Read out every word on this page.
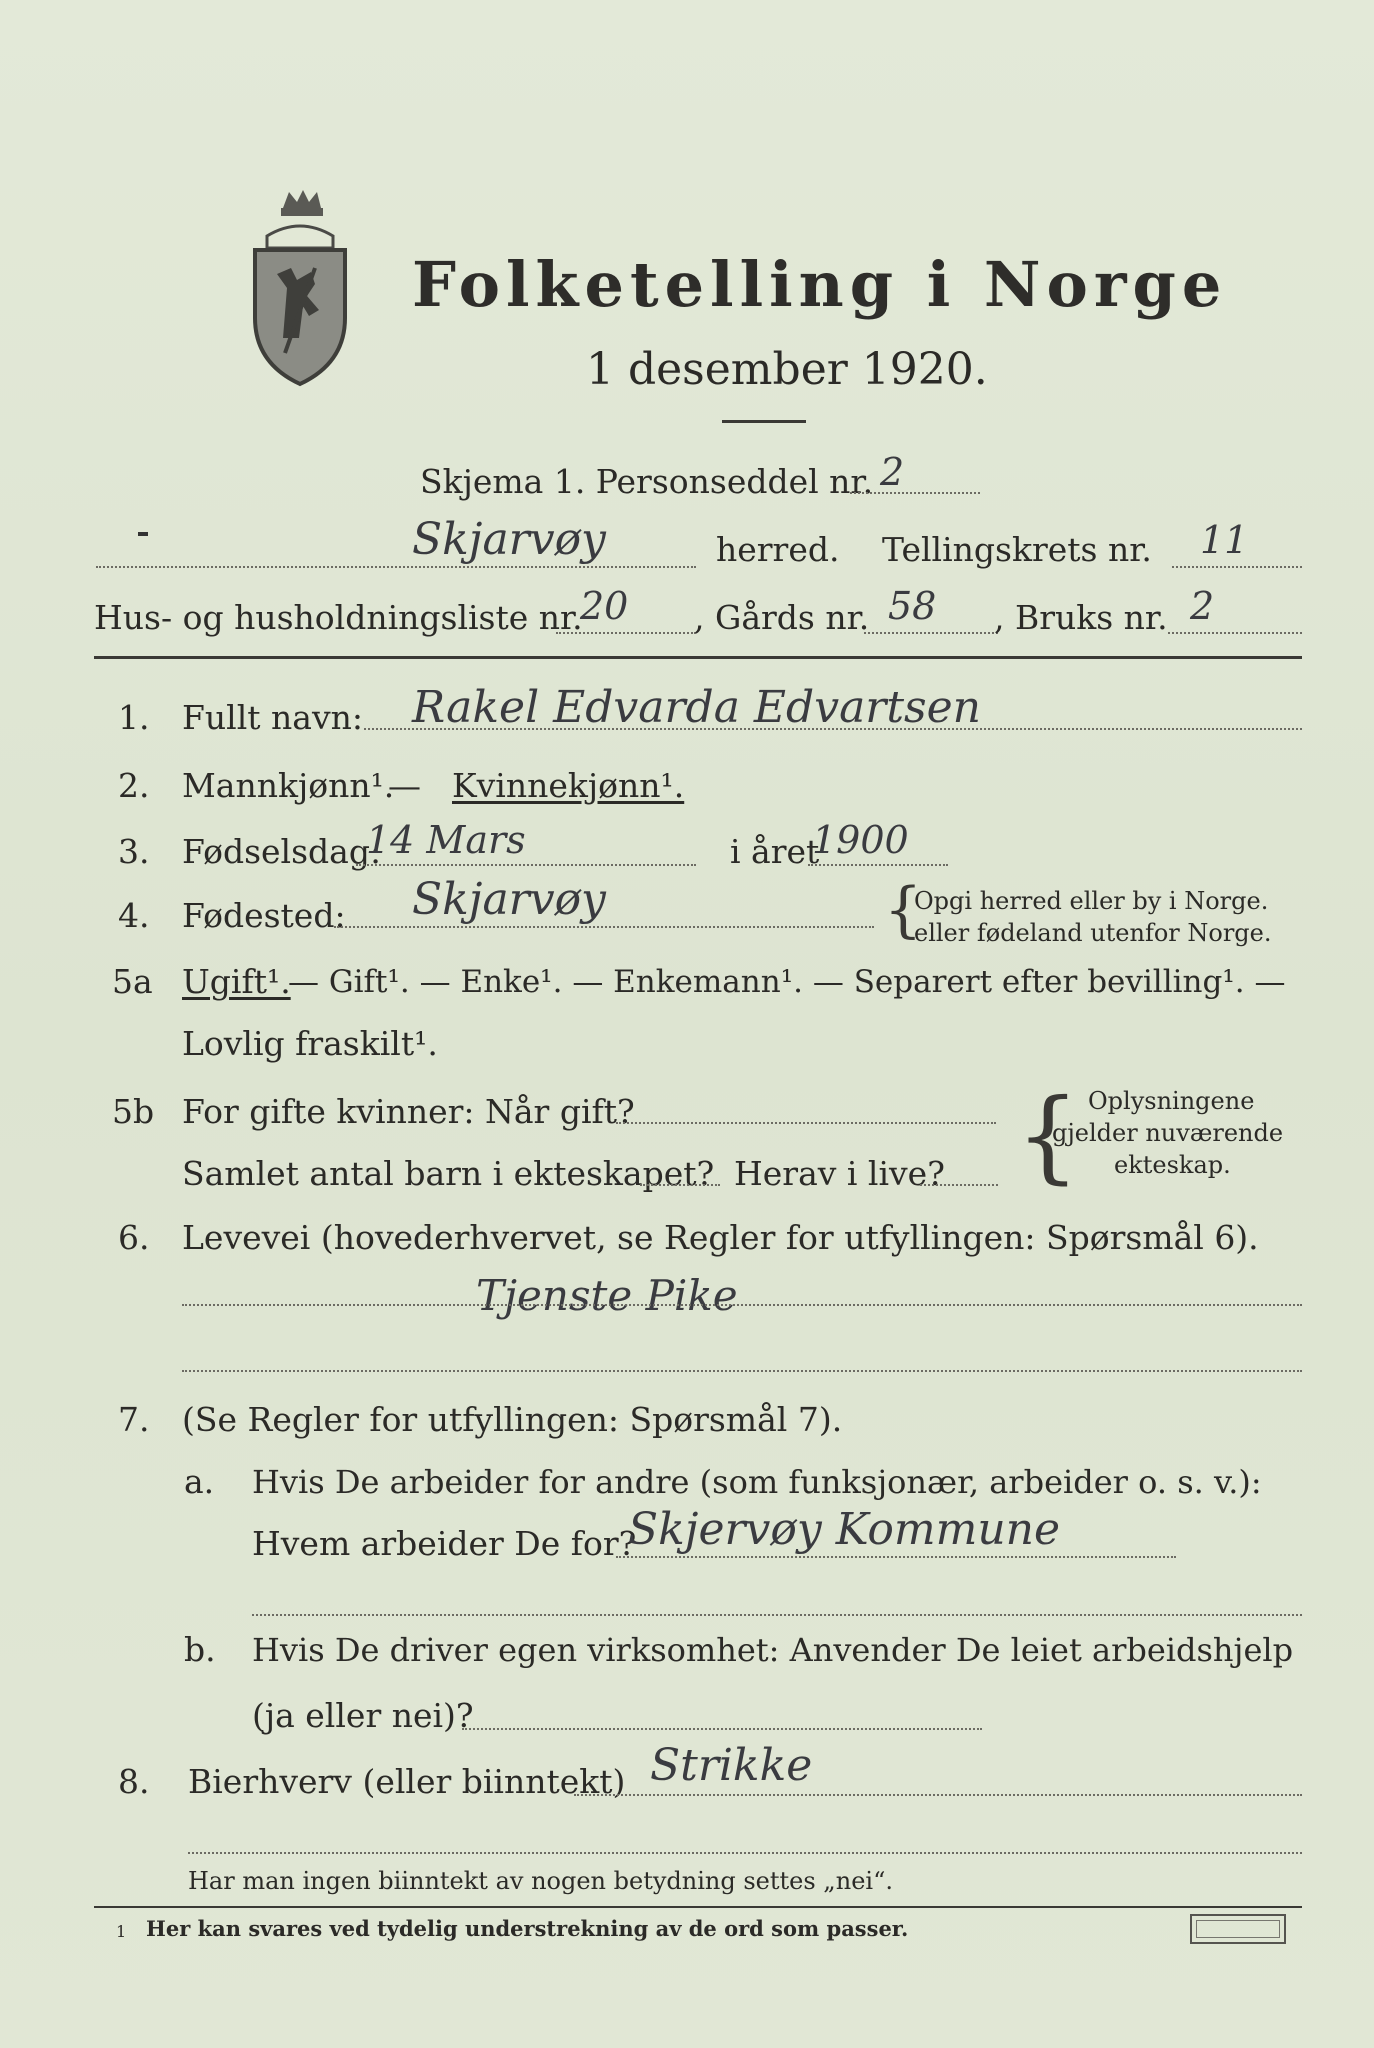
Folketelling i Norge
1 desember 1920.
Skjema 1. Personseddel nr. 2
Skjarvøy	herred. Tellingskrets nr. 11
Hus- og husholdningsliste nr.
20 , Gårds nr. 58 , Bruks nr. 2
1. Fullt navn: Rakel Edvarda Edvartsen
2. Mannkjønn¹.
— Kvinnekjønn¹.
3. Fødselsdag:
14 Mars	i året
1900
4. Fødested: Skjarvøy	{
Opgi herred eller by i Norge.
eller fødeland utenfor Norge.
5a Ugift¹.
— Gift¹. — Enke¹. — Enkemann¹. — Separert efter bevilling¹. —
Lovlig fraskilt¹.
5b For gifte kvinner: Når gift?
Samlet antal barn i ekteskapet? Herav i live? { Oplysningene
gjelder nuværende
ekteskap.
6. Levevei (hovederhvervet, se Regler for utfyllingen: Spørsmål 6).
Tjenste Pike
7. (Se Regler for utfyllingen: Spørsmål 7).
a. Hvis De arbeider for andre (som funksjonær, arbeider o. s. v.):
Hvem arbeider De for?
Skjervøy Kommune
b. Hvis De driver egen virksomhet: Anvender De leiet arbeidshjelp
(ja eller nei)?
8. Bierhverv (eller biinntekt) Strikke
Har man ingen biinntekt av nogen betydning settes „nei“.
1 Her kan svares ved tydelig understrekning av de ord som passer.
